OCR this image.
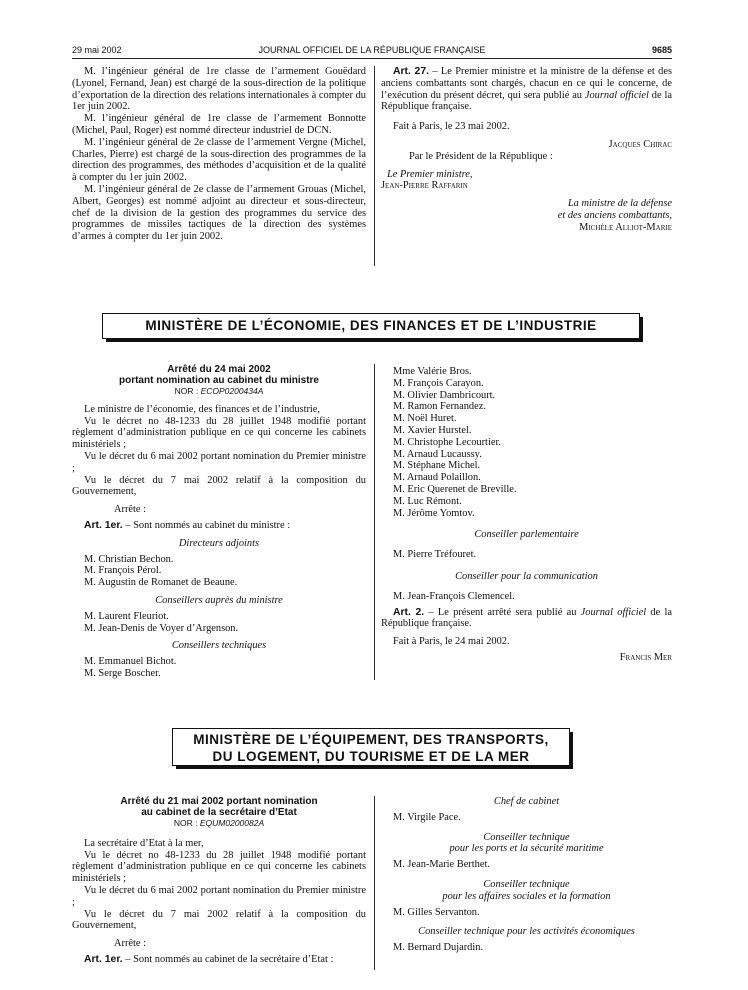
29 mai 2002	JOURNAL OFFICIEL DE LA RÉPUBLIQUE FRANÇAISE	9685

M. l’ingénieur général de 1re classe de l’armement Gouëdard (Lyonel, Fernand, Jean) est chargé de la sous-direction de la politique d’exportation de la direction des relations internationales à compter du 1er juin 2002.

M. l’ingénieur général de 1re classe de l’armement Bonnotte (Michel, Paul, Roger) est nommé directeur industriel de DCN.

M. l’ingénieur général de 2e classe de l’armement Vergne (Michel, Charles, Pierre) est chargé de la sous-direction des programmes de la direction des programmes, des méthodes d’acquisition et de la qualité à compter du 1er juin 2002.

M. l’ingénieur général de 2e classe de l’armement Grouas (Michel, Albert, Georges) est nommé adjoint au directeur et sous-directeur, chef de la division de la gestion des programmes du service des programmes de missiles tactiques de la direction des systèmes d’armes à compter du 1er juin 2002.

Art. 27. – Le Premier ministre et la ministre de la défense et des anciens combattants sont chargés, chacun en ce qui le concerne, de l’exécution du présent décret, qui sera publié au Journal officiel de la République française.

Fait à Paris, le 23 mai 2002.

Jacques Chirac

Par le Président de la République :

Le Premier ministre,

Jean-Pierre Raffarin

La ministre de la défense

et des anciens combattants,

Michèle Alliot-Marie

MINISTÈRE DE L’ÉCONOMIE, DES FINANCES ET DE L’INDUSTRIE

Arrêté du 24 mai 2002

portant nomination au cabinet du ministre

NOR : ECOP0200434A

Le ministre de l’économie, des finances et de l’industrie,

Vu le décret no 48-1233 du 28 juillet 1948 modifié portant règlement d’administration publique en ce qui concerne les cabinets ministériels ;

Vu le décret du 6 mai 2002 portant nomination du Premier ministre ;

Vu le décret du 7 mai 2002 relatif à la composition du Gouvernement,

Arrête :

Art. 1er. – Sont nommés au cabinet du ministre :

Directeurs adjoints

M. Christian Bechon.

M. François Pérol.

M. Augustin de Romanet de Beaune.

Conseillers auprès du ministre

M. Laurent Fleuriot.

M. Jean-Denis de Voyer d’Argenson.

Conseillers techniques

M. Emmanuel Bichot.

M. Serge Boscher.

Mme Valérie Bros.

M. François Carayon.

M. Olivier Dambricourt.

M. Ramon Fernandez.

M. Noël Huret.

M. Xavier Hurstel.

M. Christophe Lecourtier.

M. Arnaud Lucaussy.

M. Stéphane Michel.

M. Arnaud Polaillon.

M. Eric Querenet de Breville.

M. Luc Rémont.

M. Jérôme Yomtov.

Conseiller parlementaire

M. Pierre Tréfouret.

Conseiller pour la communication

M. Jean-François Clemencel.

Art. 2. – Le présent arrêté sera publié au Journal officiel de la République française.

Fait à Paris, le 24 mai 2002.

Francis Mer

MINISTÈRE DE L’ÉQUIPEMENT, DES TRANSPORTS,
DU LOGEMENT, DU TOURISME ET DE LA MER

Arrêté du 21 mai 2002 portant nomination

au cabinet de la secrétaire d’Etat

NOR : EQUM0200082A

La secrétaire d’Etat à la mer,

Vu le décret no 48-1233 du 28 juillet 1948 modifié portant règlement d’administration publique en ce qui concerne les cabinets ministériels ;

Vu le décret du 6 mai 2002 portant nomination du Premier ministre ;

Vu le décret du 7 mai 2002 relatif à la composition du Gouvernement,

Arrête :

Art. 1er. – Sont nommés au cabinet de la secrétaire d’Etat :

Chef de cabinet

M. Virgile Pace.

Conseiller technique

pour les ports et la sécurité maritime

M. Jean-Marie Berthet.

Conseiller technique

pour les affaires sociales et la formation

M. Gilles Servanton.

Conseiller technique pour les activités économiques

M. Bernard Dujardin.
